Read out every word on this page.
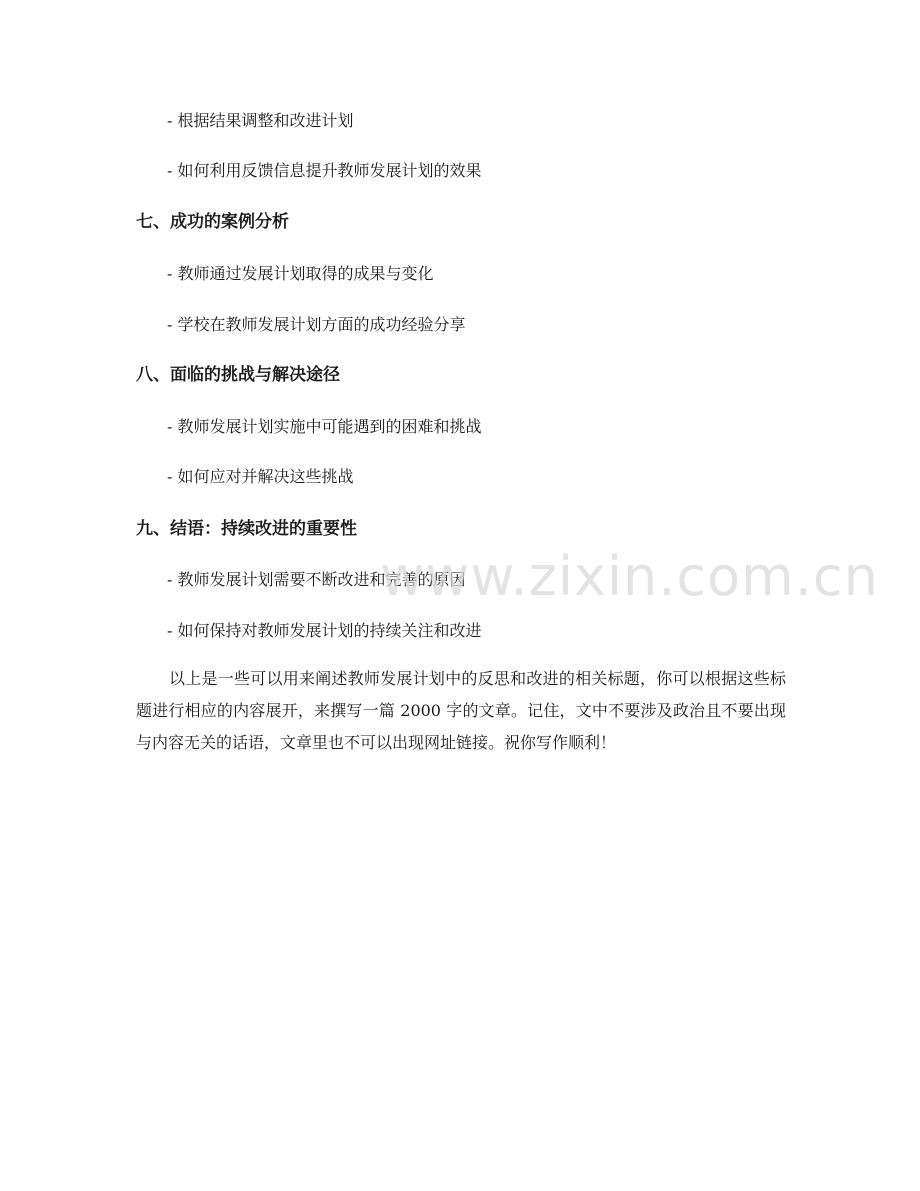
- 根据结果调整和改进计划
- 如何利用反馈信息提升教师发展计划的效果
七、成功的案例分析
- 教师通过发展计划取得的成果与变化
- 学校在教师发展计划方面的成功经验分享
八、面临的挑战与解决途径
- 教师发展计划实施中可能遇到的困难和挑战
- 如何应对并解决这些挑战
九、结语：持续改进的重要性
- 教师发展计划需要不断改进和完善的原因
- 如何保持对教师发展计划的持续关注和改进
以上是一些可以用来阐述教师发展计划中的反思和改进的相关标题，你可以根据这些标题进行相应的内容展开，来撰写一篇 2000 字的文章。记住，文中不要涉及政治且不要出现与内容无关的话语，文章里也不可以出现网址链接。祝你写作顺利！
www.zixin.com.cn
